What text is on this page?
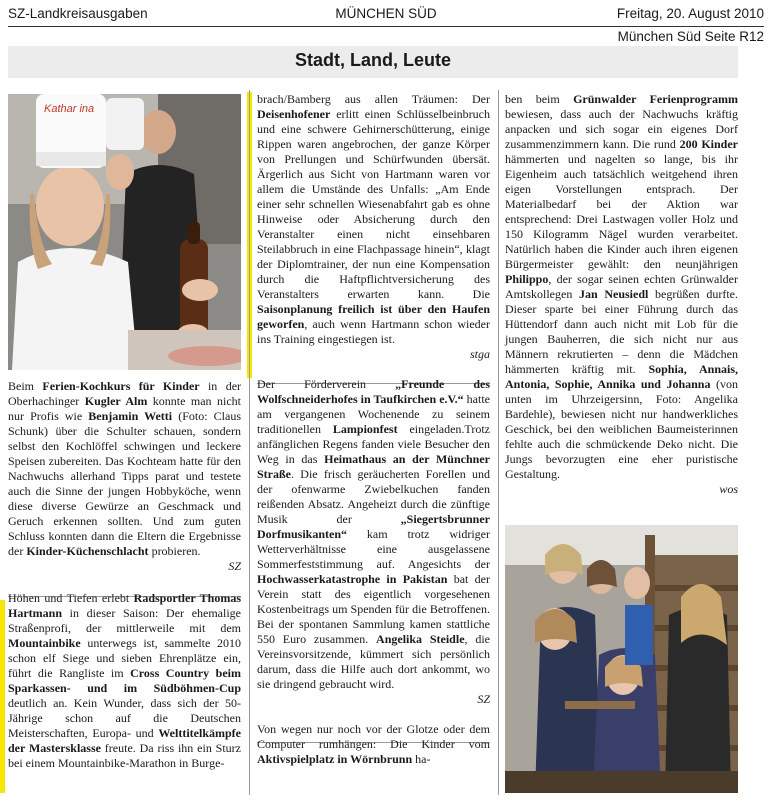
SZ-Landkreisausgaben	MÜNCHEN SÜD	Freitag, 20. August 2010
München Süd Seite R12
Stadt, Land, Leute
Kathar ina

Beim Ferien-Kochkurs für Kinder in der Oberhachinger Kugler Alm konnte man nicht nur Profis wie Benjamin Wetti (Foto: Claus Schunk) über die Schulter schauen, sondern selbst den Kochlöffel schwingen und leckere Speisen zubereiten. Das Kochteam hatte für den Nachwuchs allerhand Tipps parat und testete auch die Sinne der jungen Hobbyköche, wenn diese diverse Gewürze an Geschmack und Geruch erkennen sollten. Und zum guten Schluss konnten dann die Eltern die Ergebnisse der Kinder-Küchenschlacht probieren.

SZ

Höhen und Tiefen erlebt Radsportler Thomas Hartmann in dieser Saison: Der ehemalige Straßenprofi, der mittlerweile mit dem Mountainbike unterwegs ist, sammelte 2010 schon elf Siege und sieben Ehrenplätze ein, führt die Rangliste im Cross Country beim Sparkassen- und im Südböhmen-Cup deutlich an. Kein Wunder, dass sich der 50-Jährige schon auf die Deutschen Meisterschaften, Europa- und Welttitelkämpfe der Mastersklasse freute. Da riss ihn ein Sturz bei einem Mountainbike-Marathon in Burge-

brach/Bamberg aus allen Träumen: Der Deisenhofener erlitt einen Schlüsselbeinbruch und eine schwere Gehirnerschütterung, einige Rippen waren angebrochen, der ganze Körper von Prellungen und Schürfwunden übersät. Ärgerlich aus Sicht von Hartmann waren vor allem die Umstände des Unfalls: „Am Ende einer sehr schnellen Wiesenabfahrt gab es ohne Hinweise oder Absicherung durch den Veranstalter einen nicht einsehbaren Steilabbruch in eine Flachpassage hinein“, klagt der Diplomtrainer, der nun eine Kompensation durch die Haftpflichtversicherung des Veranstalters erwarten kann. Die Saisonplanung freilich ist über den Haufen geworfen, auch wenn Hartmann schon wieder ins Training eingestiegen ist.

stga

Der Förderverein „Freunde des Wolfschneiderhofes in Taufkirchen e.V.“ hatte am vergangenen Wochenende zu seinem traditionellen Lampionfest eingeladen.Trotz anfänglichen Regens fanden viele Besucher den Weg in das Heimathaus an der Münchner Straße. Die frisch geräucherten Forellen und der ofenwarme Zwiebelkuchen fanden reißenden Absatz. Angeheizt durch die zünftige Musik der „Siegertsbrunner Dorfmusikanten“ kam trotz widriger Wetterverhältnisse eine ausgelassene Sommerfeststimmung auf. Angesichts der Hochwasserkatastrophe in Pakistan bat der Verein statt des eigentlich vorgesehenen Kostenbeitrags um Spenden für die Betroffenen. Bei der spontanen Sammlung kamen stattliche 550 Euro zusammen. Angelika Steidle, die Vereinsvorsitzende, kümmert sich persönlich darum, dass die Hilfe auch dort ankommt, wo sie dringend gebraucht wird.

SZ

Von wegen nur noch vor der Glotze oder dem Computer rumhängen: Die Kinder vom Aktivspielplatz in Wörnbrunn ha-

ben beim Grünwalder Ferienprogramm bewiesen, dass auch der Nachwuchs kräftig anpacken und sich sogar ein eigenes Dorf zusammenzimmern kann. Die rund 200 Kinder hämmerten und nagelten so lange, bis ihr Eigenheim auch tatsächlich weitgehend ihren eigen Vorstellungen entsprach. Der Materialbedarf bei der Aktion war entsprechend: Drei Lastwagen voller Holz und 150 Kilogramm Nägel wurden verarbeitet. Natürlich haben die Kinder auch ihren eigenen Bürgermeister gewählt: den neunjährigen Philippo, der sogar seinen echten Grünwalder Amtskollegen Jan Neusiedl begrüßen durfte. Dieser sparte bei einer Führung durch das Hüttendorf dann auch nicht mit Lob für die jungen Bauherren, die sich nicht nur aus Männern rekrutierten – denn die Mädchen hämmerten kräftig mit. Sophia, Annais, Antonia, Sophie, Annika und Johanna (von unten im Uhrzeigersinn, Foto: Angelika Bardehle), bewiesen nicht nur handwerkliches Geschick, bei den weiblichen Baumeisterinnen fehlte auch die schmückende Deko nicht. Die Jungs bevorzugten eine eher puristische Gestaltung.

wos
